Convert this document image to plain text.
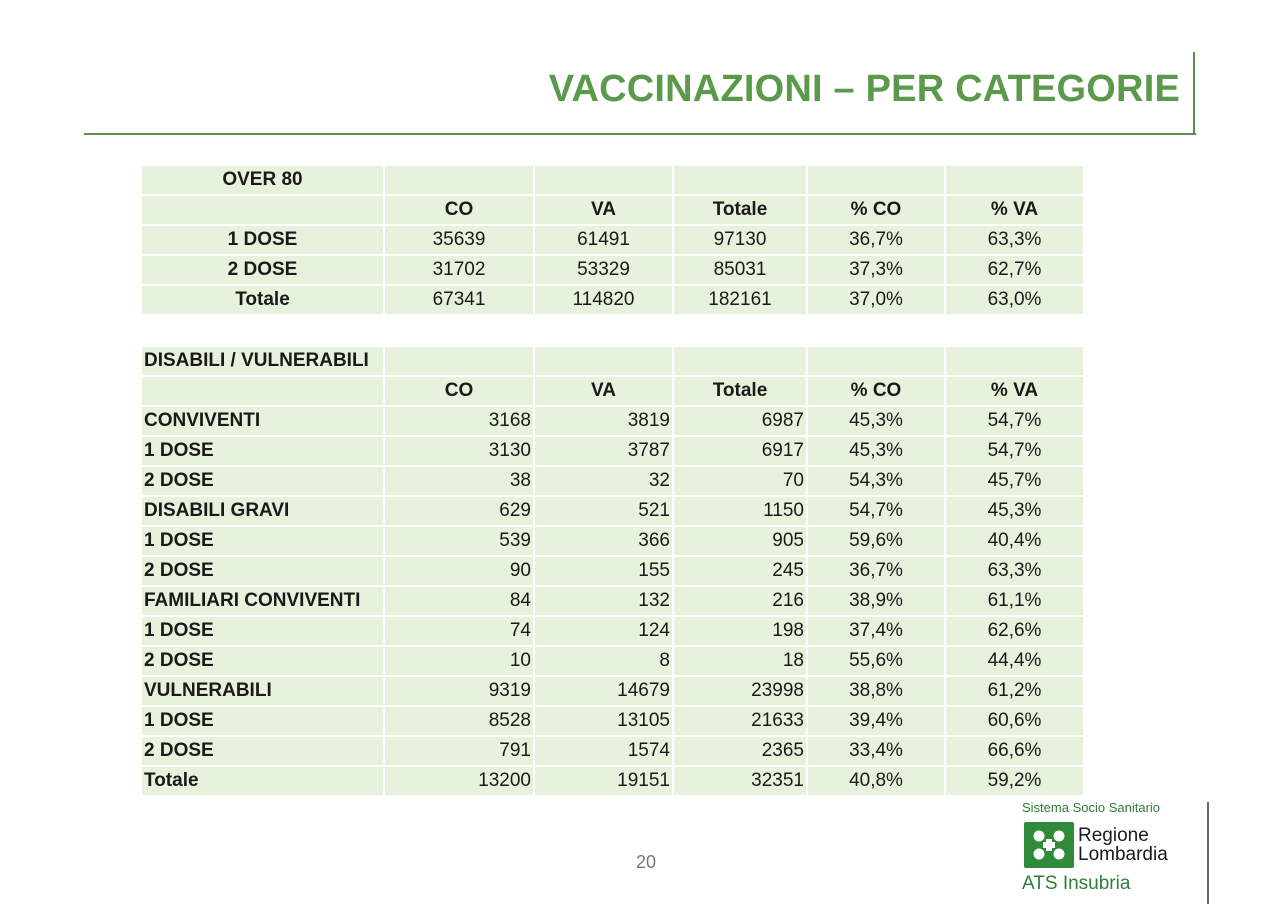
VACCINAZIONI – PER CATEGORIE
OVER 80					
	CO	VA	Totale	% CO	% VA
1 DOSE	35639	61491	97130	36,7%	63,3%
2 DOSE	31702	53329	85031	37,3%	62,7%
Totale	67341	114820	182161	37,0%	63,0%
DISABILI / VULNERABILI					
	CO	VA	Totale	% CO	% VA
CONVIVENTI	3168	3819	6987	45,3%	54,7%
1 DOSE	3130	3787	6917	45,3%	54,7%
2 DOSE	38	32	70	54,3%	45,7%
DISABILI GRAVI	629	521	1150	54,7%	45,3%
1 DOSE	539	366	905	59,6%	40,4%
2 DOSE	90	155	245	36,7%	63,3%
FAMILIARI CONVIVENTI	84	132	216	38,9%	61,1%
1 DOSE	74	124	198	37,4%	62,6%
2 DOSE	10	8	18	55,6%	44,4%
VULNERABILI	9319	14679	23998	38,8%	61,2%
1 DOSE	8528	13105	21633	39,4%	60,6%
2 DOSE	791	1574	2365	33,4%	66,6%
Totale	13200	19151	32351	40,8%	59,2%
20
Sistema Socio Sanitario
Regione
Lombardia
ATS Insubria
